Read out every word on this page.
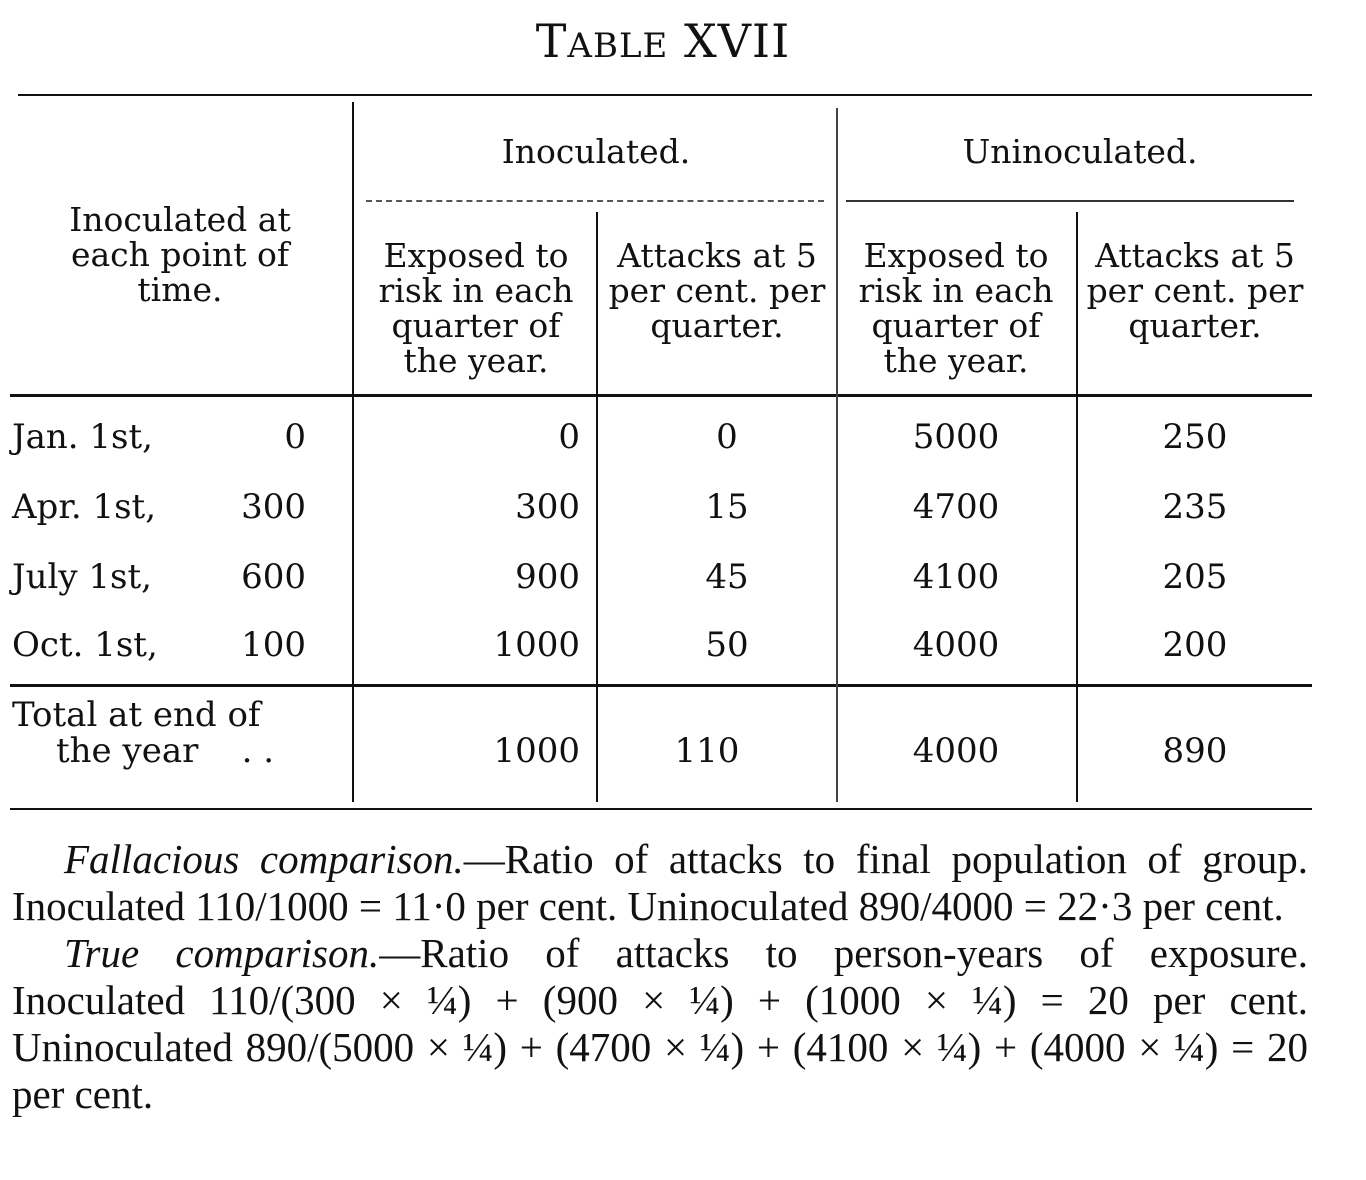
TABLE XVII
Inoculated at each point of time.
Inoculated.	Uninoculated.
Exposed to risk in each quarter of the year.
Attacks at 5 per cent. per quarter.
Exposed to risk in each quarter of the year.
Attacks at 5 per cent. per quarter.
Jan. 1st,	0	0	0	5000	250
Apr. 1st,	300	300	15	4700	235
July 1st,	600	900	45	4100	205
Oct. 1st,	100	1000	50	4000	200
Total at end of
the year    . .	1000	110	4000	890

Fallacious comparison.—Ratio of attacks to final population of group. Inoculated 110/1000 = 11·0 per cent. Uninoculated 890/4000 = 22·3 per cent.

True comparison.—Ratio of attacks to person-years of exposure. Inoculated 110/(300 × ¼) + (900 × ¼) + (1000 × ¼) = 20 per cent. Uninoculated 890/(5000 × ¼) + (4700 × ¼) + (4100 × ¼) + (4000 × ¼) = 20 per cent.
